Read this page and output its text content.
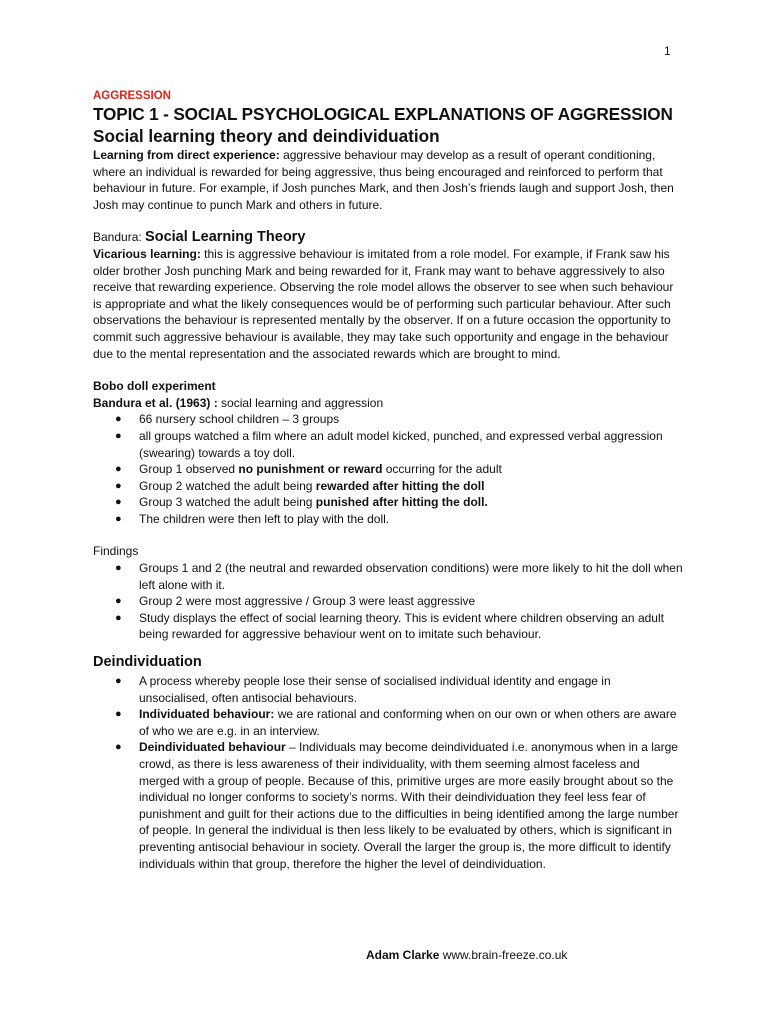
1
AGGRESSION
TOPIC 1 - SOCIAL PSYCHOLOGICAL EXPLANATIONS OF AGGRESSION
Social learning theory and deindividuation

Learning from direct experience: aggressive behaviour may develop as a result of operant conditioning, where an individual is rewarded for being aggressive, thus being encouraged and reinforced to perform that behaviour in future. For example, if Josh punches Mark, and then Josh’s friends laugh and support Josh, then Josh may continue to punch Mark and others in future.

Bandura: Social Learning Theory

Vicarious learning: this is aggressive behaviour is imitated from a role model. For example, if Frank saw his older brother Josh punching Mark and being rewarded for it, Frank may want to behave aggressively to also receive that rewarding experience. Observing the role model allows the observer to see when such behaviour is appropriate and what the likely consequences would be of performing such particular behaviour. After such observations the behaviour is represented mentally by the observer. If on a future occasion the opportunity to commit such aggressive behaviour is available, they may take such opportunity and engage in the behaviour due to the mental representation and the associated rewards which are brought to mind.

Bobo doll experiment

Bandura et al. (1963) : social learning and aggression

● 66 nursery school children – 3 groups
● all groups watched a film where an adult model kicked, punched, and expressed verbal aggression (swearing) towards a toy doll.
● Group 1 observed no punishment or reward occurring for the adult
● Group 2 watched the adult being rewarded after hitting the doll
● Group 3 watched the adult being punished after hitting the doll.
● The children were then left to play with the doll.

Findings

● Groups 1 and 2 (the neutral and rewarded observation conditions) were more likely to hit the doll when left alone with it.
● Group 2 were most aggressive / Group 3 were least aggressive
● Study displays the effect of social learning theory. This is evident where children observing an adult being rewarded for aggressive behaviour went on to imitate such behaviour.
Deindividuation
● A process whereby people lose their sense of socialised individual identity and engage in unsocialised, often antisocial behaviours.
● Individuated behaviour: we are rational and conforming when on our own or when others are aware of who we are e.g. in an interview.
● Deindividuated behaviour – Individuals may become deindividuated i.e. anonymous when in a large crowd, as there is less awareness of their individuality, with them seeming almost faceless and merged with a group of people. Because of this, primitive urges are more easily brought about so the individual no longer conforms to society’s norms. With their deindividuation they feel less fear of punishment and guilt for their actions due to the difficulties in being identified among the large number of people. In general the individual is then less likely to be evaluated by others, which is significant in preventing antisocial behaviour in society. Overall the larger the group is, the more difficult to identify individuals within that group, therefore the higher the level of deindividuation.
Adam Clarke www.brain-freeze.co.uk
